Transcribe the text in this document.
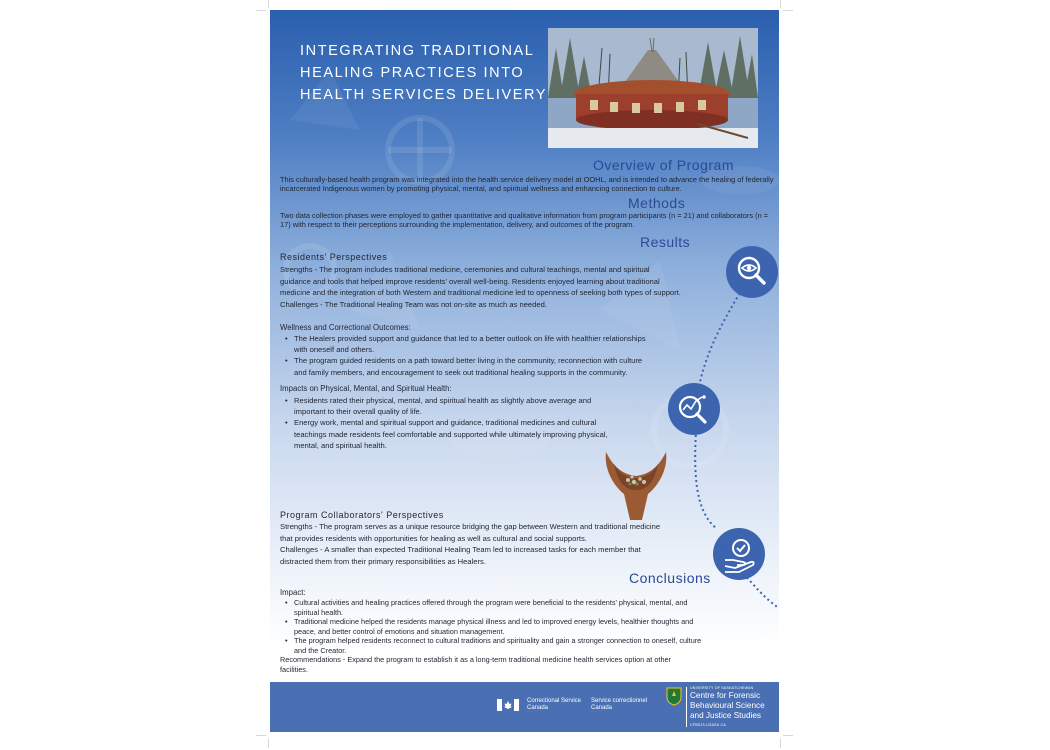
INTEGRATING TRADITIONAL
HEALING PRACTICES INTO
HEALTH SERVICES DELIVERY
Overview of Program

This culturally-based health program was integrated into the health service delivery model at OOHL, and is intended to advance the healing of federally incarcerated Indigenous women by promoting physical, mental, and spiritual wellness and enhancing connection to culture.

Methods

Two data collection phases were employed to gather quantitative and qualitative information from program participants (n = 21) and collaborators (n = 17) with respect to their perceptions surrounding the implementation, delivery, and outcomes of the program.

Results
Residents' Perspectives
Strengths - The program includes traditional medicine, ceremonies and cultural teachings, mental and spiritual
guidance and tools that helped improve residents' overall well-being. Residents enjoyed learning about traditional
medicine and the integration of both Western and traditional medicine led to openness of seeking both types of support.
Challenges - The Traditional Healing Team was not on-site as much as needed.

Wellness and Correctional Outcomes:

• The Healers provided support and guidance that led to a better outlook on life with healthier relationships
with oneself and others.
• The program guided residents on a path toward better living in the community, reconnection with culture
and family members, and encouragement to seek out traditional healing supports in the community.

Impacts on Physical, Mental, and Spiritual Health:

• Residents rated their physical, mental, and spiritual health as slightly above average and
important to their overall quality of life.
• Energy work, mental and spiritual support and guidance, traditional medicines and cultural
teachings made residents feel comfortable and supported while ultimately improving physical,
mental, and spiritual health.
Program Collaborators' Perspectives
Strengths - The program serves as a unique resource bridging the gap between Western and traditional medicine
that provides residents with opportunities for healing as well as cultural and social supports.
Challenges - A smaller than expected Traditional Healing Team led to increased tasks for each member that
distracted them from their primary responsibilities as Healers.
Conclusions

Impact:

• Cultural activities and healing practices offered through the program were beneficial to the residents' physical, mental, and
spiritual health.
• Traditional medicine helped the residents manage physical illness and led to improved energy levels, healthier thoughts and
peace, and better control of emotions and situation management.
• The program helped residents reconnect to cultural traditions and spirituality and gain a stronger connection to oneself, culture
and the Creator.
Recommendations - Expand the program to establish it as a long-term traditional medicine health services option at other
facilities.
Correctional Service
Canada
Service correctionnel
Canada

UNIVERSITY OF SASKATCHEWAN

Centre for Forensic
Behavioural Science
and Justice Studies

CFBSJS.USASK.CA
